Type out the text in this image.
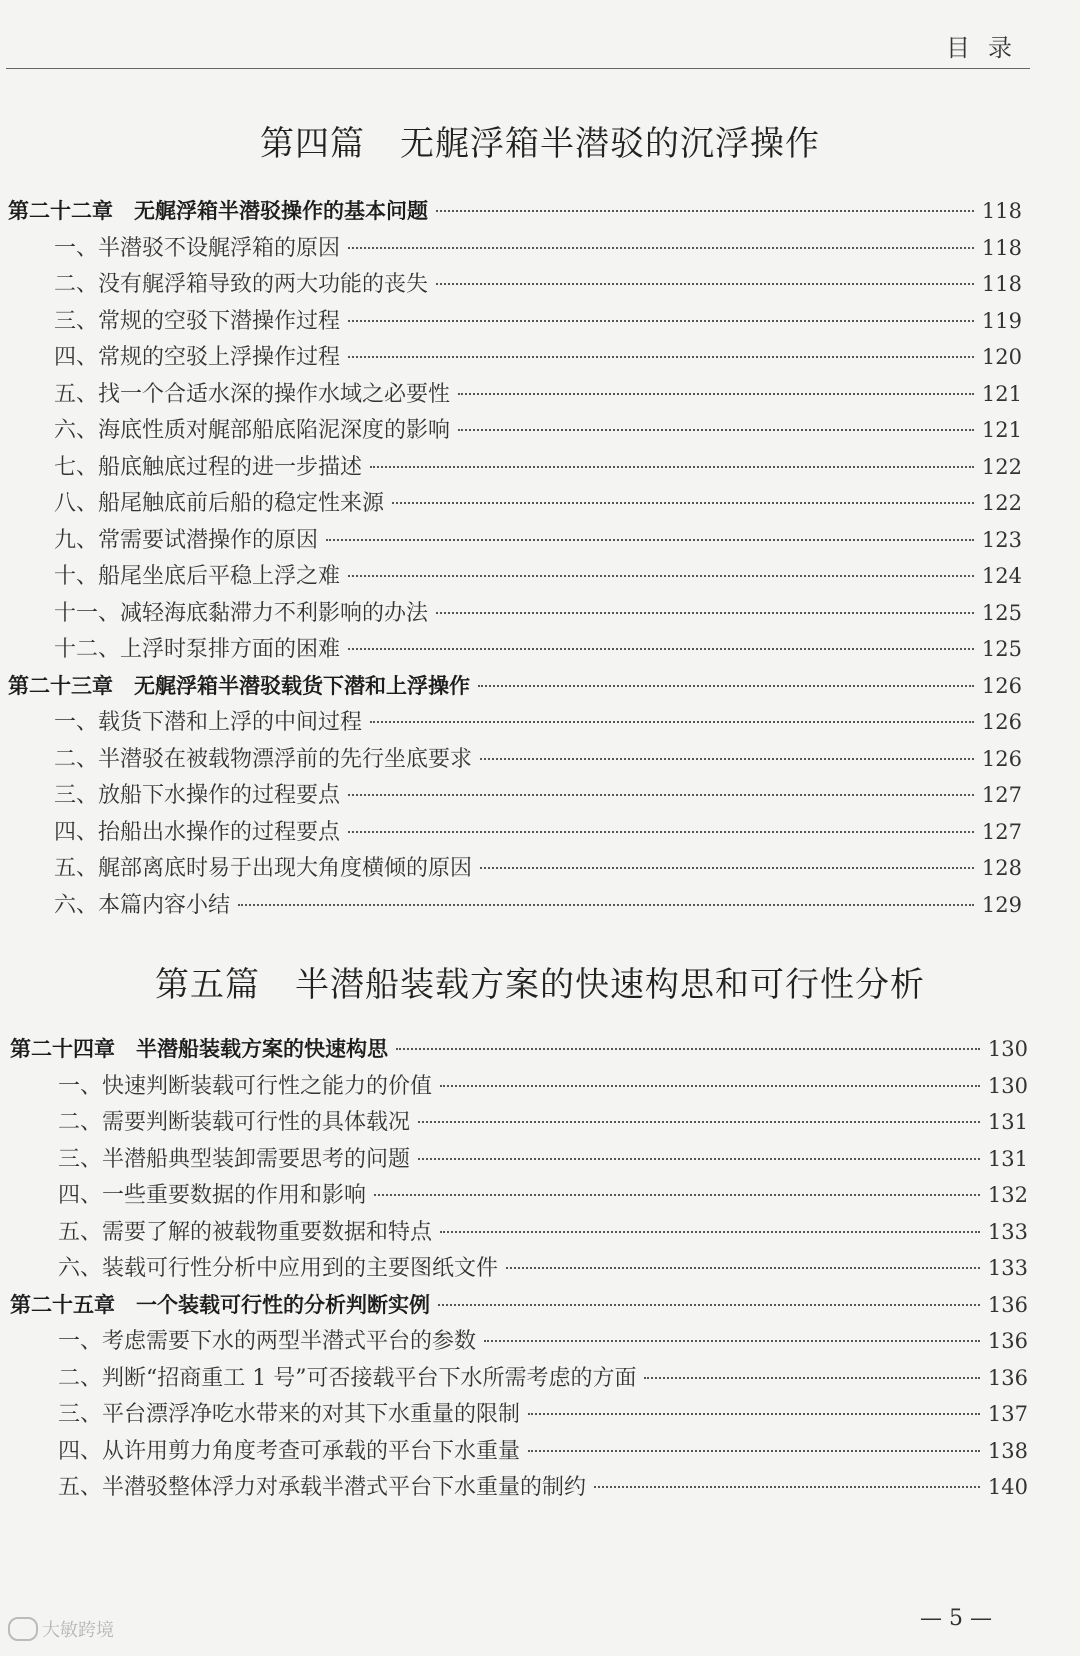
目录
第四篇　无艉浮箱半潜驳的沉浮操作
第二十二章　无艉浮箱半潜驳操作的基本问题	118
一、半潜驳不设艉浮箱的原因	118
二、没有艉浮箱导致的两大功能的丧失	118
三、常规的空驳下潜操作过程	119
四、常规的空驳上浮操作过程	120
五、找一个合适水深的操作水域之必要性	121
六、海底性质对艉部船底陷泥深度的影响	121
七、船底触底过程的进一步描述	122
八、船尾触底前后船的稳定性来源	122
九、常需要试潜操作的原因	123
十、船尾坐底后平稳上浮之难	124
十一、减轻海底黏滞力不利影响的办法	125
十二、上浮时泵排方面的困难	125
第二十三章　无艉浮箱半潜驳载货下潜和上浮操作	126
一、载货下潜和上浮的中间过程	126
二、半潜驳在被载物漂浮前的先行坐底要求	126
三、放船下水操作的过程要点	127
四、抬船出水操作的过程要点	127
五、艉部离底时易于出现大角度横倾的原因	128
六、本篇内容小结	129
第五篇　半潜船装载方案的快速构思和可行性分析
第二十四章　半潜船装载方案的快速构思	130
一、快速判断装载可行性之能力的价值	130
二、需要判断装载可行性的具体载况	131
三、半潜船典型装卸需要思考的问题	131
四、一些重要数据的作用和影响	132
五、需要了解的被载物重要数据和特点	133
六、装载可行性分析中应用到的主要图纸文件	133
第二十五章　一个装载可行性的分析判断实例	136
一、考虑需要下水的两型半潜式平台的参数	136
二、判断“招商重工 1 号”可否接载平台下水所需考虑的方面	136
三、平台漂浮净吃水带来的对其下水重量的限制	137
四、从许用剪力角度考查可承载的平台下水重量	138
五、半潜驳整体浮力对承载半潜式平台下水重量的制约	140
— 5 —
大敏跨境
